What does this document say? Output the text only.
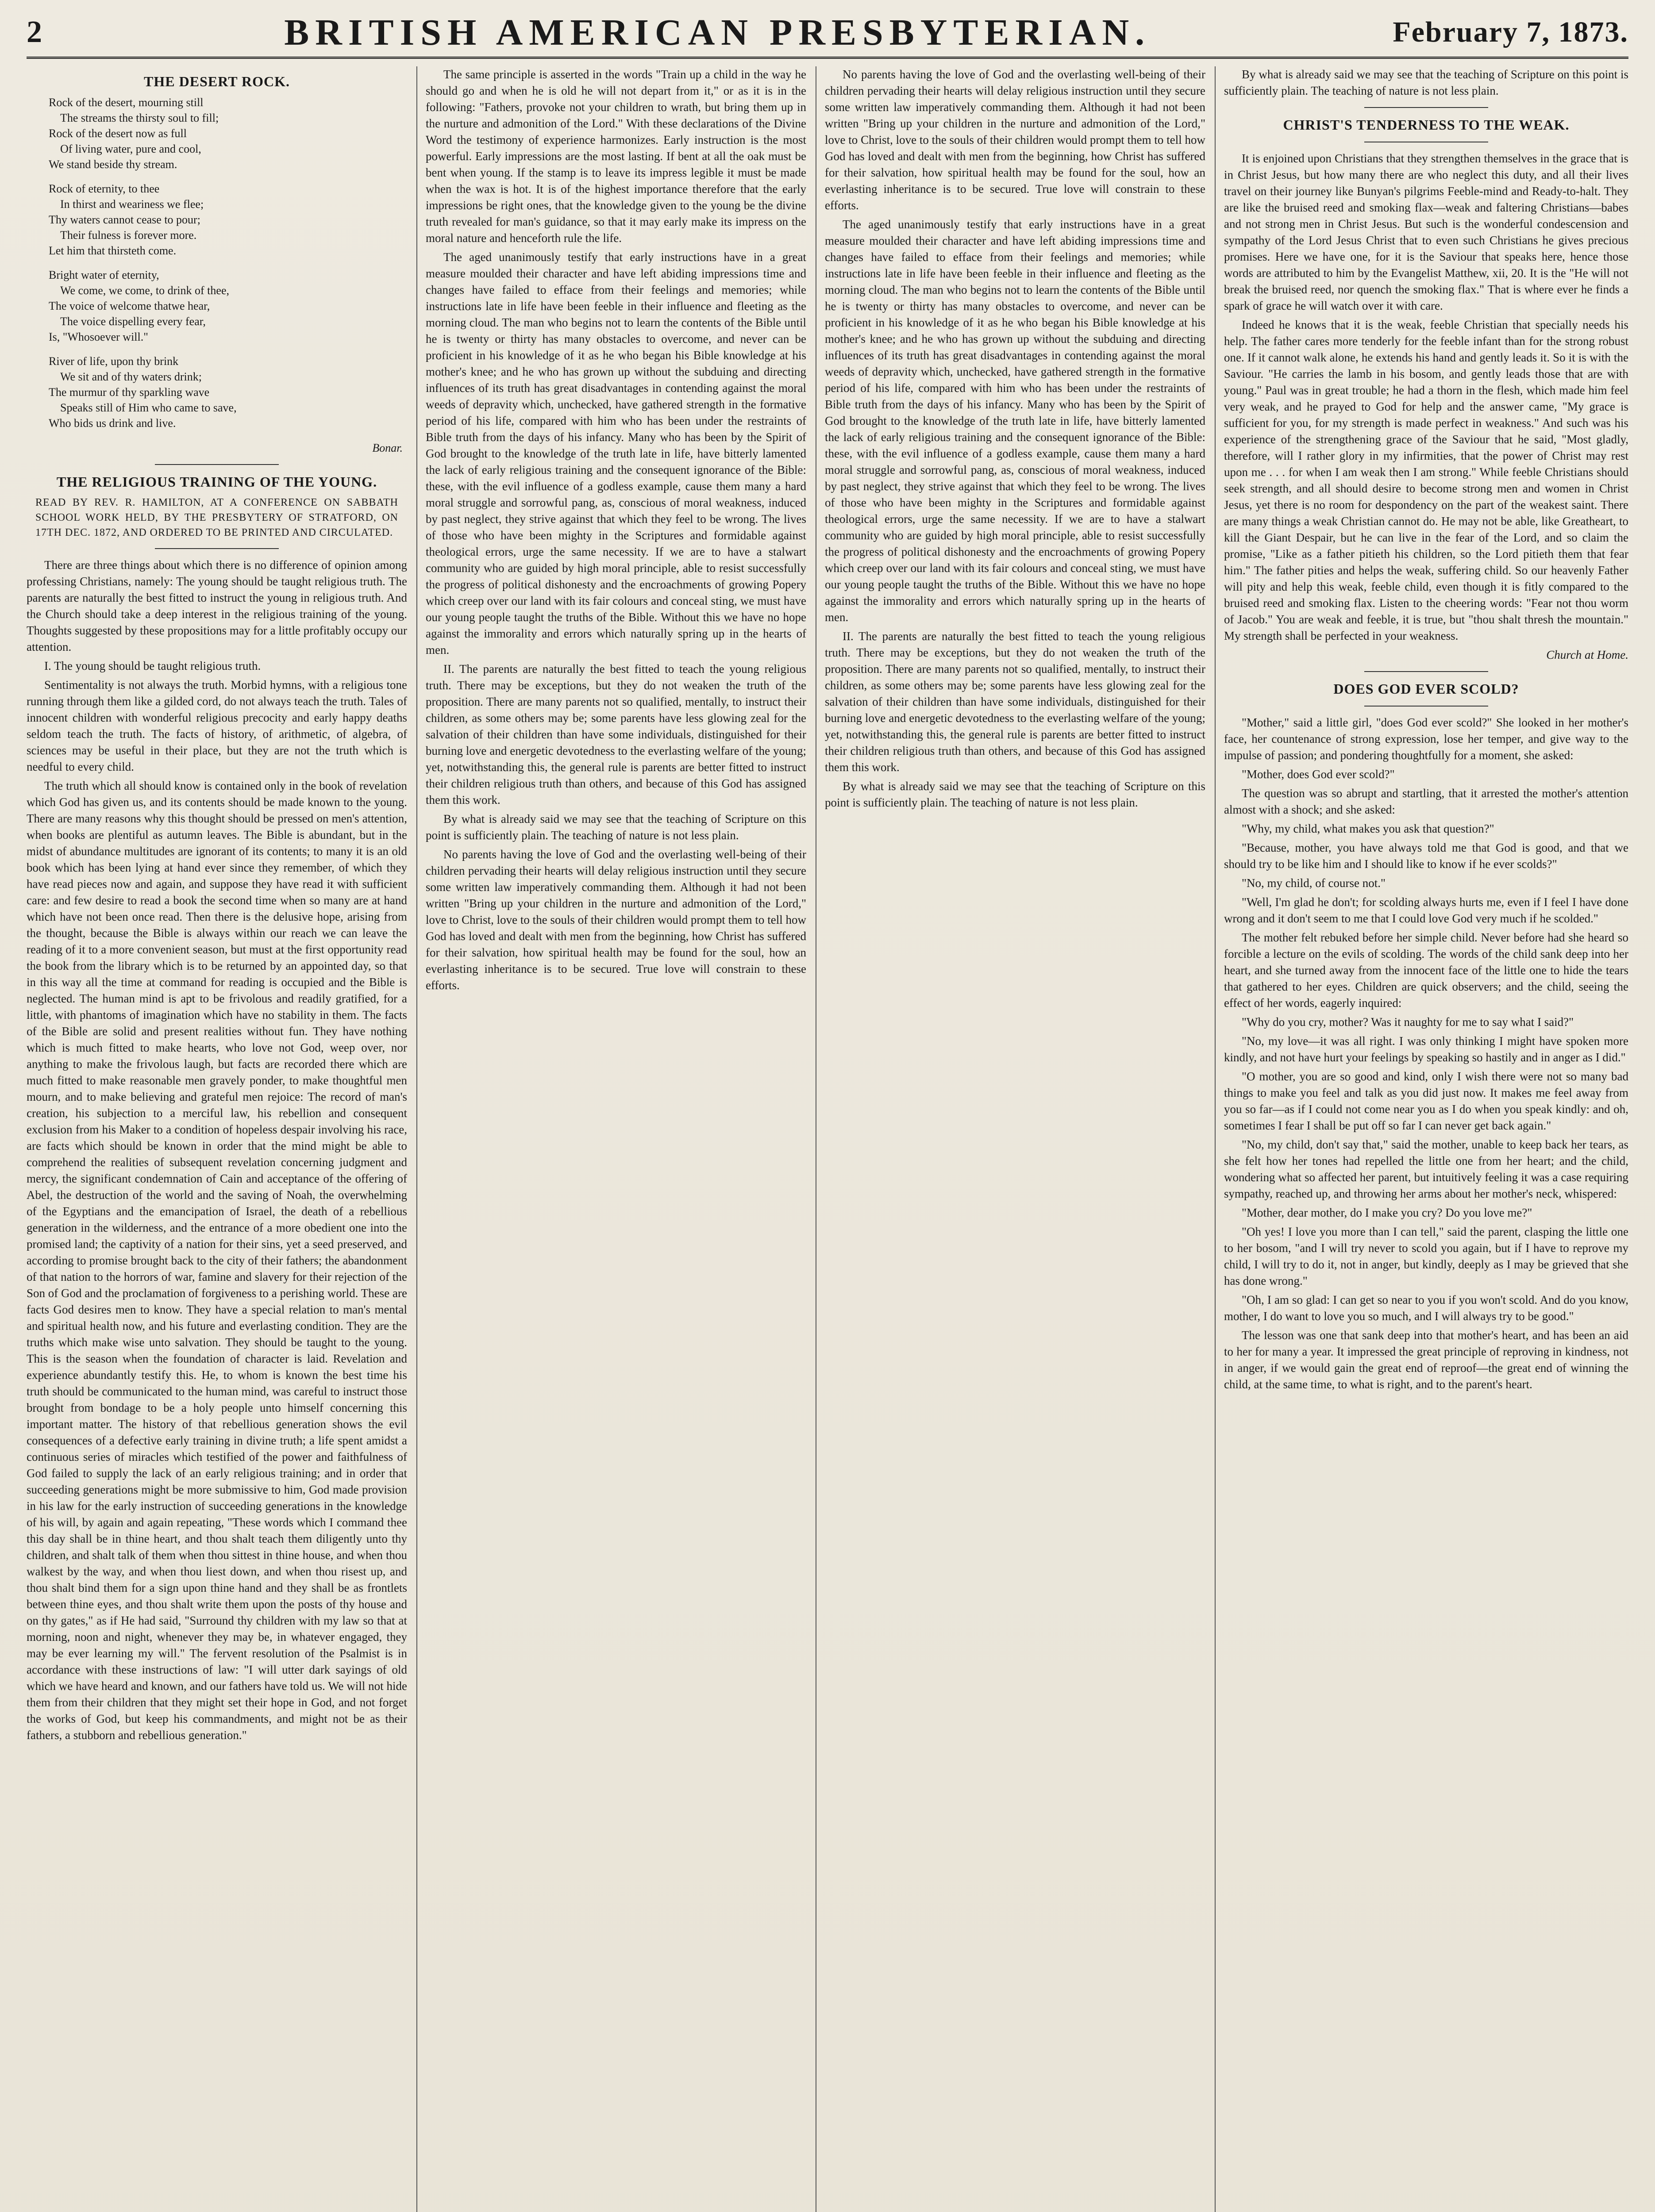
2	BRITISH AMERICAN PRESBYTERIAN.	February 7, 1873.
THE DESERT ROCK.
Rock of the desert, mourning still
The streams the thirsty soul to fill;
Rock of the desert now as full
Of living water, pure and cool,
We stand beside thy stream.
Rock of eternity, to thee
In thirst and weariness we flee;
Thy waters cannot cease to pour;
Their fulness is forever more.
Let him that thirsteth come.
Bright water of eternity,
We come, we come, to drink of thee,
The voice of welcome thatwe hear,
The voice dispelling every fear,
Is, "Whosoever will."
River of life, upon thy brink
We sit and of thy waters drink;
The murmur of thy sparkling wave
Speaks still of Him who came to save,
Who bids us drink and live.
Bonar.
THE RELIGIOUS TRAINING OF THE YOUNG.
READ BY REV. R. HAMILTON, AT A CONFERENCE ON SABBATH SCHOOL WORK HELD, BY THE PRESBYTERY OF STRATFORD, ON 17TH DEC. 1872, AND ORDERED TO BE PRINTED AND CIRCULATED.

There are three things about which there is no difference of opinion among professing Christians, namely: The young should be taught religious truth. The parents are naturally the best fitted to instruct the young in religious truth. And the Church should take a deep interest in the religious training of the young. Thoughts suggested by these propositions may for a little profitably occupy our attention.

I. The young should be taught religious truth.

Sentimentality is not always the truth. Morbid hymns, with a religious tone running through them like a gilded cord, do not always teach the truth. Tales of innocent children with wonderful religious precocity and early happy deaths seldom teach the truth. The facts of history, of arithmetic, of algebra, of sciences may be useful in their place, but they are not the truth which is needful to every child.

The truth which all should know is contained only in the book of revelation which God has given us, and its contents should be made known to the young. There are many reasons why this thought should be pressed on men's attention, when books are plentiful as autumn leaves. The Bible is abundant, but in the midst of abundance multitudes are ignorant of its contents; to many it is an old book which has been lying at hand ever since they remember, of which they have read pieces now and again, and suppose they have read it with sufficient care: and few desire to read a book the second time when so many are at hand which have not been once read. Then there is the delusive hope, arising from the thought, because the Bible is always within our reach we can leave the reading of it to a more convenient season, but must at the first opportunity read the book from the library which is to be returned by an appointed day, so that in this way all the time at command for reading is occupied and the Bible is neglected. The human mind is apt to be frivolous and readily gratified, for a little, with phantoms of imagination which have no stability in them. The facts of the Bible are solid and present realities without fun. They have nothing which is much fitted to make hearts, who love not God, weep over, nor anything to make the frivolous laugh, but facts are recorded there which are much fitted to make reasonable men gravely ponder, to make thoughtful men mourn, and to make believing and grateful men rejoice: The record of man's creation, his subjection to a merciful law, his rebellion and consequent exclusion from his Maker to a condition of hopeless despair involving his race, are facts which should be known in order that the mind might be able to comprehend the realities of subsequent revelation concerning judgment and mercy, the significant condemnation of Cain and acceptance of the offering of Abel, the destruction of the world and the saving of Noah, the overwhelming of the Egyptians and the emancipation of Israel, the death of a rebellious generation in the wilderness, and the entrance of a more obedient one into the promised land; the captivity of a nation for their sins, yet a seed preserved, and according to promise brought back to the city of their fathers; the abandonment of that nation to the horrors of war, famine and slavery for their rejection of the Son of God and the proclamation of forgiveness to a perishing world. These are facts God desires men to know. They have a special relation to man's mental and spiritual health now, and his future and everlasting condition. They are the truths which make wise unto salvation. They should be taught to the young. This is the season when the foundation of character is laid. Revelation and experience abundantly testify this. He, to whom is known the best time his truth should be communicated to the human mind, was careful to instruct those brought from bondage to be a holy people unto himself concerning this important matter. The history of that rebellious generation shows the evil consequences of a defective early training in divine truth; a life spent amidst a continuous series of miracles which testified of the power and faithfulness of God failed to supply the lack of an early religious training; and in order that succeeding generations might be more submissive to him, God made provision in his law for the early instruction of succeeding generations in the knowledge of his will, by again and again repeating, "These words which I command thee this day shall be in thine heart, and thou shalt teach them diligently unto thy children, and shalt talk of them when thou sittest in thine house, and when thou walkest by the way, and when thou liest down, and when thou risest up, and thou shalt bind them for a sign upon thine hand and they shall be as frontlets between thine eyes, and thou shalt write them upon the posts of thy house and on thy gates," as if He had said, "Surround thy children with my law so that at morning, noon and night, whenever they may be, in whatever engaged, they may be ever learning my will." The fervent resolution of the Psalmist is in accordance with these instructions of law: "I will utter dark sayings of old which we have heard and known, and our fathers have told us. We will not hide them from their children that they might set their hope in God, and not forget the works of God, but keep his commandments, and might not be as their fathers, a stubborn and rebellious generation."

The same principle is asserted in the words "Train up a child in the way he should go and when he is old he will not depart from it," or as it is in the following: "Fathers, provoke not your children to wrath, but bring them up in the nurture and admonition of the Lord." With these declarations of the Divine Word the testimony of experience harmonizes. Early instruction is the most powerful. Early impressions are the most lasting. If bent at all the oak must be bent when young. If the stamp is to leave its impress legible it must be made when the wax is hot. It is of the highest importance therefore that the early impressions be right ones, that the knowledge given to the young be the divine truth revealed for man's guidance, so that it may early make its impress on the moral nature and henceforth rule the life.

The aged unanimously testify that early instructions have in a great measure moulded their character and have left abiding impressions time and changes have failed to efface from their feelings and memories; while instructions late in life have been feeble in their influence and fleeting as the morning cloud. The man who begins not to learn the contents of the Bible until he is twenty or thirty has many obstacles to overcome, and never can be proficient in his knowledge of it as he who began his Bible knowledge at his mother's knee; and he who has grown up without the subduing and directing influences of its truth has great disadvantages in contending against the moral weeds of depravity which, unchecked, have gathered strength in the formative period of his life, compared with him who has been under the restraints of Bible truth from the days of his infancy. Many who has been by the Spirit of God brought to the knowledge of the truth late in life, have bitterly lamented the lack of early religious training and the consequent ignorance of the Bible: these, with the evil influence of a godless example, cause them many a hard moral struggle and sorrowful pang, as, conscious of moral weakness, induced by past neglect, they strive against that which they feel to be wrong. The lives of those who have been mighty in the Scriptures and formidable against theological errors, urge the same necessity. If we are to have a stalwart community who are guided by high moral principle, able to resist successfully the progress of political dishonesty and the encroachments of growing Popery which creep over our land with its fair colours and conceal sting, we must have our young people taught the truths of the Bible. Without this we have no hope against the immorality and errors which naturally spring up in the hearts of men.

II. The parents are naturally the best fitted to teach the young religious truth. There may be exceptions, but they do not weaken the truth of the proposition. There are many parents not so qualified, mentally, to instruct their children, as some others may be; some parents have less glowing zeal for the salvation of their children than have some individuals, distinguished for their burning love and energetic devotedness to the everlasting welfare of the young; yet, notwithstanding this, the general rule is parents are better fitted to instruct their children religious truth than others, and because of this God has assigned them this work.

By what is already said we may see that the teaching of Scripture on this point is sufficiently plain. The teaching of nature is not less plain.

No parents having the love of God and the overlasting well-being of their children pervading their hearts will delay religious instruction until they secure some written law imperatively commanding them. Although it had not been written "Bring up your children in the nurture and admonition of the Lord," love to Christ, love to the souls of their children would prompt them to tell how God has loved and dealt with men from the beginning, how Christ has suffered for their salvation, how spiritual health may be found for the soul, how an everlasting inheritance is to be secured. True love will constrain to these efforts.

No parents having the love of God and the overlasting well-being of their children pervading their hearts will delay religious instruction until they secure some written law imperatively commanding them. Although it had not been written "Bring up your children in the nurture and admonition of the Lord," love to Christ, love to the souls of their children would prompt them to tell how God has loved and dealt with men from the beginning, how Christ has suffered for their salvation, how spiritual health may be found for the soul, how an everlasting inheritance is to be secured. True love will constrain to these efforts.

The aged unanimously testify that early instructions have in a great measure moulded their character and have left abiding impressions time and changes have failed to efface from their feelings and memories; while instructions late in life have been feeble in their influence and fleeting as the morning cloud. The man who begins not to learn the contents of the Bible until he is twenty or thirty has many obstacles to overcome, and never can be proficient in his knowledge of it as he who began his Bible knowledge at his mother's knee; and he who has grown up without the subduing and directing influences of its truth has great disadvantages in contending against the moral weeds of depravity which, unchecked, have gathered strength in the formative period of his life, compared with him who has been under the restraints of Bible truth from the days of his infancy. Many who has been by the Spirit of God brought to the knowledge of the truth late in life, have bitterly lamented the lack of early religious training and the consequent ignorance of the Bible: these, with the evil influence of a godless example, cause them many a hard moral struggle and sorrowful pang, as, conscious of moral weakness, induced by past neglect, they strive against that which they feel to be wrong. The lives of those who have been mighty in the Scriptures and formidable against theological errors, urge the same necessity. If we are to have a stalwart community who are guided by high moral principle, able to resist successfully the progress of political dishonesty and the encroachments of growing Popery which creep over our land with its fair colours and conceal sting, we must have our young people taught the truths of the Bible. Without this we have no hope against the immorality and errors which naturally spring up in the hearts of men.

II. The parents are naturally the best fitted to teach the young religious truth. There may be exceptions, but they do not weaken the truth of the proposition. There are many parents not so qualified, mentally, to instruct their children, as some others may be; some parents have less glowing zeal for the salvation of their children than have some individuals, distinguished for their burning love and energetic devotedness to the everlasting welfare of the young; yet, notwithstanding this, the general rule is parents are better fitted to instruct their children religious truth than others, and because of this God has assigned them this work.

By what is already said we may see that the teaching of Scripture on this point is sufficiently plain. The teaching of nature is not less plain.

By what is already said we may see that the teaching of Scripture on this point is sufficiently plain. The teaching of nature is not less plain.

CHRIST'S TENDERNESS TO THE WEAK.

It is enjoined upon Christians that they strengthen themselves in the grace that is in Christ Jesus, but how many there are who neglect this duty, and all their lives travel on their journey like Bunyan's pilgrims Feeble-mind and Ready-to-halt. They are like the bruised reed and smoking flax—weak and faltering Christians—babes and not strong men in Christ Jesus. But such is the wonderful condescension and sympathy of the Lord Jesus Christ that to even such Christians he gives precious promises. Here we have one, for it is the Saviour that speaks here, hence those words are attributed to him by the Evangelist Matthew, xii, 20. It is the "He will not break the bruised reed, nor quench the smoking flax." That is where ever he finds a spark of grace he will watch over it with care.

Indeed he knows that it is the weak, feeble Christian that specially needs his help. The father cares more tenderly for the feeble infant than for the strong robust one. If it cannot walk alone, he extends his hand and gently leads it. So it is with the Saviour. "He carries the lamb in his bosom, and gently leads those that are with young." Paul was in great trouble; he had a thorn in the flesh, which made him feel very weak, and he prayed to God for help and the answer came, "My grace is sufficient for you, for my strength is made perfect in weakness." And such was his experience of the strengthening grace of the Saviour that he said, "Most gladly, therefore, will I rather glory in my infirmities, that the power of Christ may rest upon me . . . for when I am weak then I am strong." While feeble Christians should seek strength, and all should desire to become strong men and women in Christ Jesus, yet there is no room for despondency on the part of the weakest saint. There are many things a weak Christian cannot do. He may not be able, like Greatheart, to kill the Giant Despair, but he can live in the fear of the Lord, and so claim the promise, "Like as a father pitieth his children, so the Lord pitieth them that fear him." The father pities and helps the weak, suffering child. So our heavenly Father will pity and help this weak, feeble child, even though it is fitly compared to the bruised reed and smoking flax. Listen to the cheering words: "Fear not thou worm of Jacob." You are weak and feeble, it is true, but "thou shalt thresh the mountain." My strength shall be perfected in your weakness.

Church at Home.
DOES GOD EVER SCOLD?

"Mother," said a little girl, "does God ever scold?" She looked in her mother's face, her countenance of strong expression, lose her temper, and give way to the impulse of passion; and pondering thoughtfully for a moment, she asked:

"Mother, does God ever scold?"

The question was so abrupt and startling, that it arrested the mother's attention almost with a shock; and she asked:

"Why, my child, what makes you ask that question?"

"Because, mother, you have always told me that God is good, and that we should try to be like him and I should like to know if he ever scolds?"

"No, my child, of course not."

"Well, I'm glad he don't; for scolding always hurts me, even if I feel I have done wrong and it don't seem to me that I could love God very much if he scolded."

The mother felt rebuked before her simple child. Never before had she heard so forcible a lecture on the evils of scolding. The words of the child sank deep into her heart, and she turned away from the innocent face of the little one to hide the tears that gathered to her eyes. Children are quick observers; and the child, seeing the effect of her words, eagerly inquired:

"Why do you cry, mother? Was it naughty for me to say what I said?"

"No, my love—it was all right. I was only thinking I might have spoken more kindly, and not have hurt your feelings by speaking so hastily and in anger as I did."

"O mother, you are so good and kind, only I wish there were not so many bad things to make you feel and talk as you did just now. It makes me feel away from you so far—as if I could not come near you as I do when you speak kindly: and oh, sometimes I fear I shall be put off so far I can never get back again."

"No, my child, don't say that," said the mother, unable to keep back her tears, as she felt how her tones had repelled the little one from her heart; and the child, wondering what so affected her parent, but intuitively feeling it was a case requiring sympathy, reached up, and throwing her arms about her mother's neck, whispered:

"Mother, dear mother, do I make you cry? Do you love me?"

"Oh yes! I love you more than I can tell," said the parent, clasping the little one to her bosom, "and I will try never to scold you again, but if I have to reprove my child, I will try to do it, not in anger, but kindly, deeply as I may be grieved that she has done wrong."

"Oh, I am so glad: I can get so near to you if you won't scold. And do you know, mother, I do want to love you so much, and I will always try to be good."

The lesson was one that sank deep into that mother's heart, and has been an aid to her for many a year. It impressed the great principle of reproving in kindness, not in anger, if we would gain the great end of reproof—the great end of winning the child, at the same time, to what is right, and to the parent's heart.
